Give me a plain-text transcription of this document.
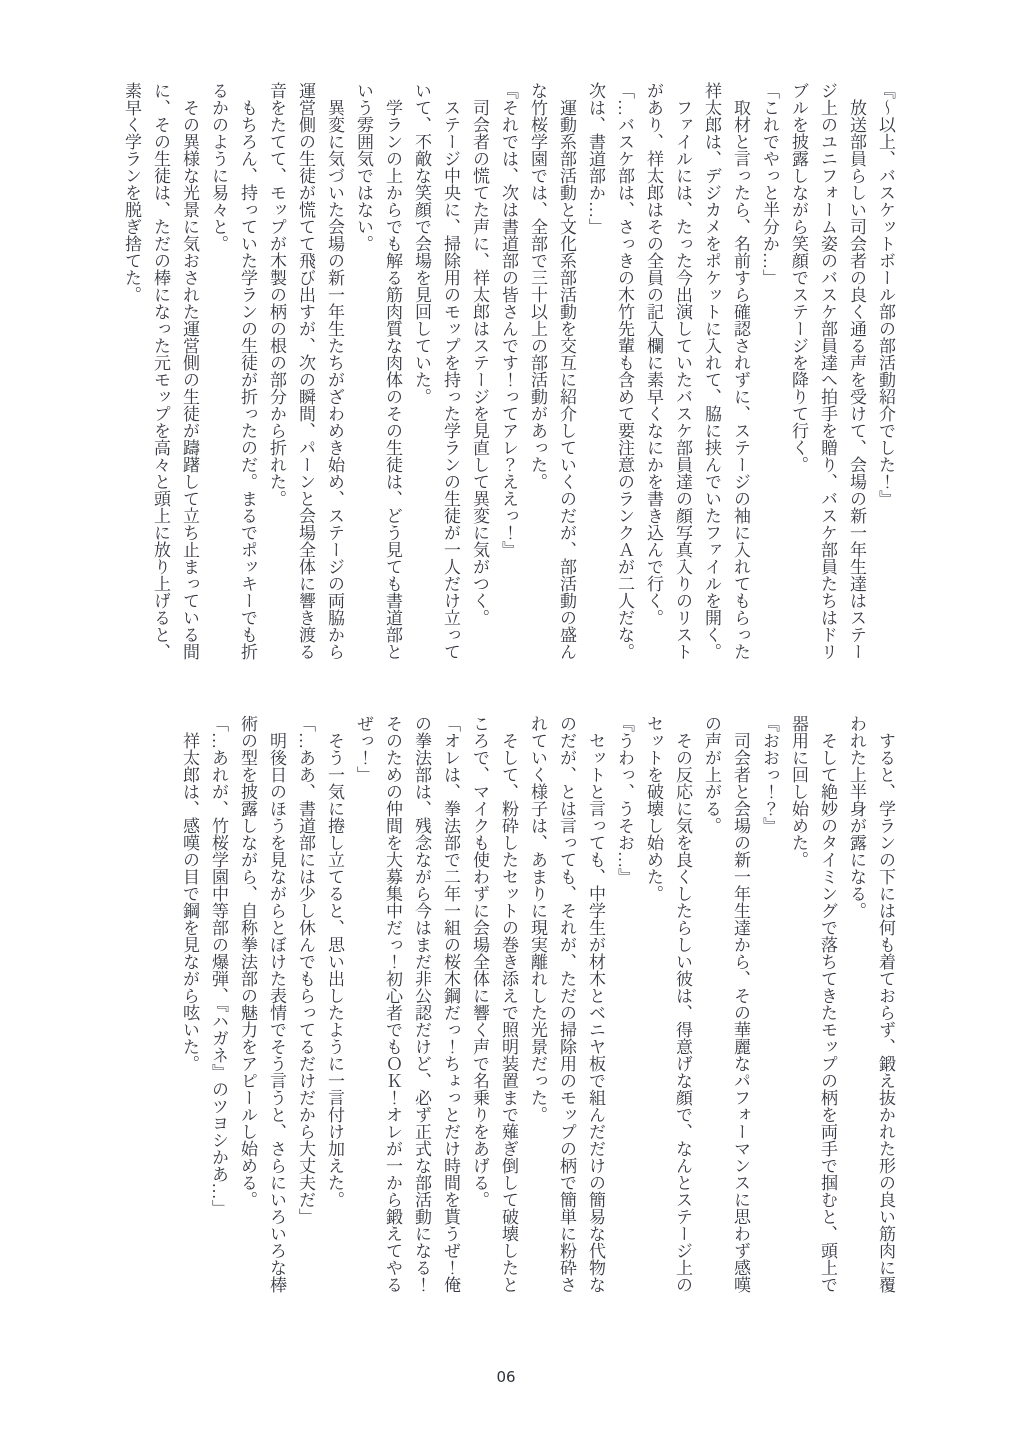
『〜以上、バスケットボール部の部活動紹介でした！』
　放送部員らしい司会者の良く通る声を受けて、会場の新一年生達はステー
ジ上のユニフォーム姿のバスケ部員達へ拍手を贈り、バスケ部員たちはドリ
ブルを披露しながら笑顔でステージを降りて行く。
「これでやっと半分か…」
　取材と言ったら、名前すら確認されずに、ステージの袖に入れてもらった
祥太郎は、デジカメをポケットに入れて、脇に挟んでいたファイルを開く。
　ファイルには、たった今出演していたバスケ部員達の顔写真入りのリスト
があり、祥太郎はその全員の記入欄に素早くなにかを書き込んで行く。
「…バスケ部は、さっきの木竹先輩も含めて要注意のランクＡが二人だな。
次は、書道部か…」
　運動系部活動と文化系部活動を交互に紹介していくのだが、部活動の盛ん
な竹桜学園では、全部で三十以上の部活動があった。
『それでは、次は書道部の皆さんです！ってアレ？ええっ！』
　司会者の慌てた声に、祥太郎はステージを見直して異変に気がつく。
　ステージ中央に、掃除用のモップを持った学ランの生徒が一人だけ立って
いて、不敵な笑顔で会場を見回していた。
　学ランの上からでも解る筋肉質な肉体のその生徒は、どう見ても書道部と
いう雰囲気ではない。
　異変に気づいた会場の新一年生たちがざわめき始め、ステージの両脇から
運営側の生徒が慌てて飛び出すが、次の瞬間、パーンと会場全体に響き渡る
音をたてて、モップが木製の柄の根の部分から折れた。
　もちろん、持っていた学ランの生徒が折ったのだ。まるでポッキーでも折
るかのように易々と。
　その異様な光景に気おされた運営側の生徒が躊躇して立ち止まっている間
に、その生徒は、ただの棒になった元モップを高々と頭上に放り上げると、
素早く学ランを脱ぎ捨てた。
　すると、学ランの下には何も着ておらず、鍛え抜かれた形の良い筋肉に覆
われた上半身が露になる。
　そして絶妙のタイミングで落ちてきたモップの柄を両手で掴むと、頭上で
器用に回し始めた。
『おおっ！？』
　司会者と会場の新一年生達から、その華麗なパフォーマンスに思わず感嘆
の声が上がる。
　その反応に気を良くしたらしい彼は、得意げな顔で、なんとステージ上の
セットを破壊し始めた。
『うわっ、うそお…』
　セットと言っても、中学生が材木とベニヤ板で組んだだけの簡易な代物な
のだが、とは言っても、それが、ただの掃除用のモップの柄で簡単に粉砕さ
れていく様子は、あまりに現実離れした光景だった。
　そして、粉砕したセットの巻き添えで照明装置まで薙ぎ倒して破壊したと
ころで、マイクも使わずに会場全体に響く声で名乗りをあげる。
「オレは、拳法部で二年一組の桜木鋼だっ！ちょっとだけ時間を貰うぜ！俺
の拳法部は、残念ながら今はまだ非公認だけど、必ず正式な部活動になる！
そのための仲間を大募集中だっ！初心者でもＯＫ！オレが一から鍛えてやる
ぜっ！」
　そう一気に捲し立てると、思い出したように一言付け加えた。
「…ああ、書道部には少し休んでもらってるだけだから大丈夫だ」
　明後日のほうを見ながらとぼけた表情でそう言うと、さらにいろいろな棒
術の型を披露しながら、自称拳法部の魅力をアピールし始める。
「…あれが、竹桜学園中等部の爆弾、『ハガネ』のツヨシかあ…」
　祥太郎は、感嘆の目で鋼を見ながら呟いた。
06
